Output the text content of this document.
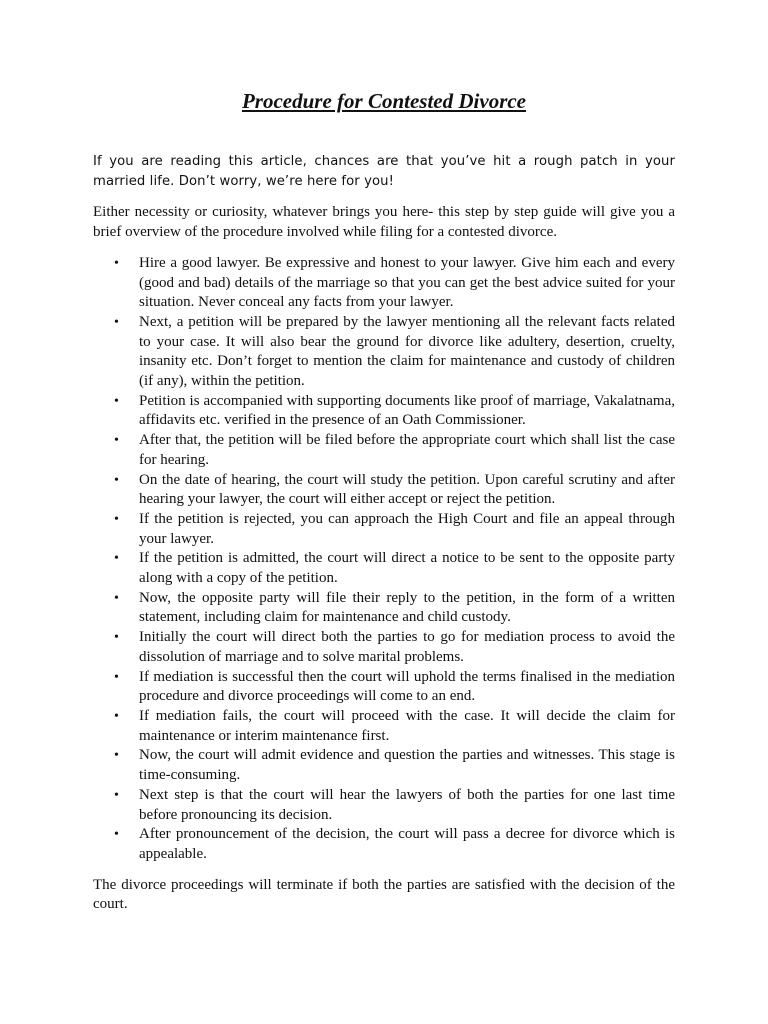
Procedure for Contested Divorce

If you are reading this article, chances are that you’ve hit a rough patch in your married life. Don’t worry, we’re here for you!

Either necessity or curiosity, whatever brings you here- this step by step guide will give you a brief overview of the procedure involved while filing for a contested divorce.

• Hire a good lawyer. Be expressive and honest to your lawyer. Give him each and every (good and bad) details of the marriage so that you can get the best advice suited for your situation. Never conceal any facts from your lawyer.
• Next, a petition will be prepared by the lawyer mentioning all the relevant facts related to your case. It will also bear the ground for divorce like adultery, desertion, cruelty, insanity etc. Don’t forget to mention the claim for maintenance and custody of children (if any), within the petition.
• Petition is accompanied with supporting documents like proof of marriage, Vakalatnama, affidavits etc. verified in the presence of an Oath Commissioner.
• After that, the petition will be filed before the appropriate court which shall list the case for hearing.
• On the date of hearing, the court will study the petition. Upon careful scrutiny and after hearing your lawyer, the court will either accept or reject the petition.
• If the petition is rejected, you can approach the High Court and file an appeal through your lawyer.
• If the petition is admitted, the court will direct a notice to be sent to the opposite party along with a copy of the petition.
• Now, the opposite party will file their reply to the petition, in the form of a written statement, including claim for maintenance and child custody.
• Initially the court will direct both the parties to go for mediation process to avoid the dissolution of marriage and to solve marital problems.
• If mediation is successful then the court will uphold the terms finalised in the mediation procedure and divorce proceedings will come to an end.
• If mediation fails, the court will proceed with the case. It will decide the claim for maintenance or interim maintenance first.
• Now, the court will admit evidence and question the parties and witnesses. This stage is time-consuming.
• Next step is that the court will hear the lawyers of both the parties for one last time before pronouncing its decision.
• After pronouncement of the decision, the court will pass a decree for divorce which is appealable.

The divorce proceedings will terminate if both the parties are satisfied with the decision of the court.
